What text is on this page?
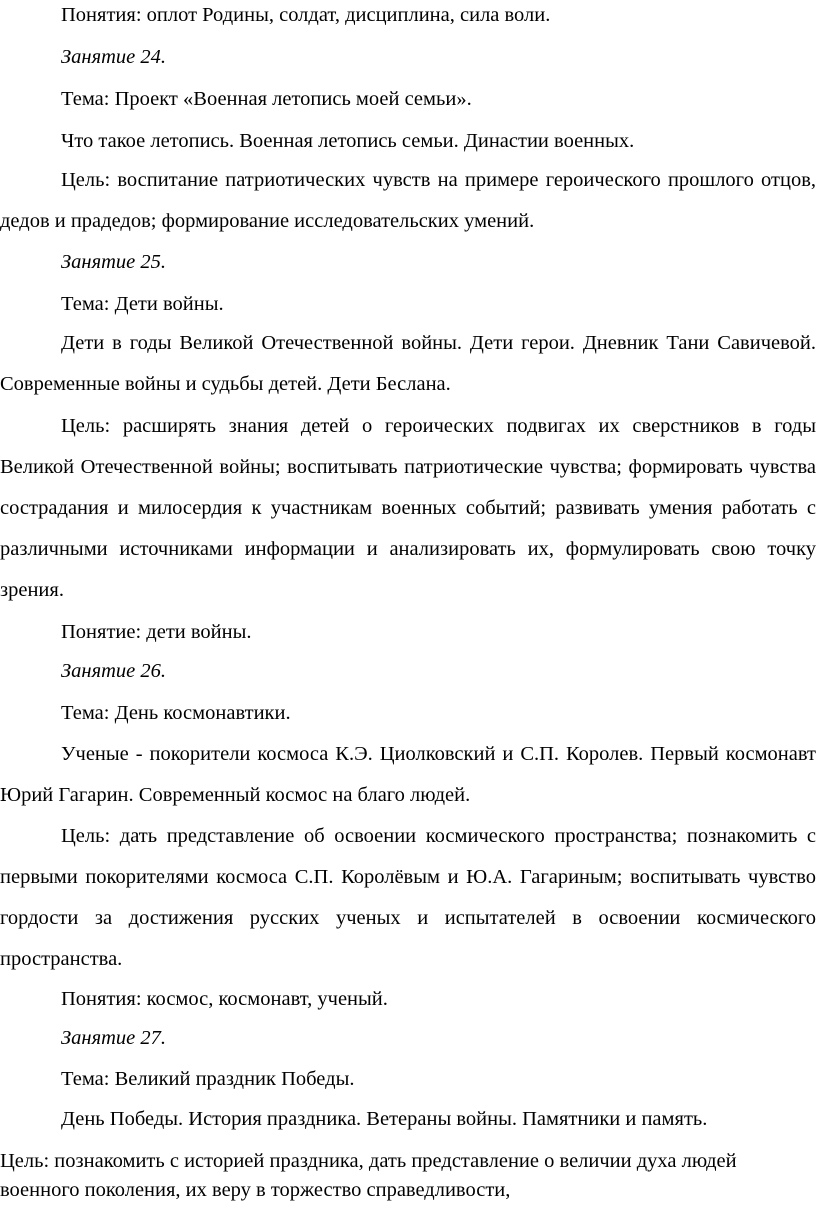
Понятия: оплот Родины, солдат, дисциплина, сила воли.

Занятие 24.

Тема: Проект «Военная летопись моей семьи».

Что такое летопись. Военная летопись семьи. Династии военных.

Цель: воспитание патриотических чувств на примере героического прошлого отцов, дедов и прадедов; формирование исследовательских умений.

Занятие 25.

Тема: Дети войны.

Дети в годы Великой Отечественной войны. Дети герои. Дневник Тани Савичевой. Современные войны и судьбы детей. Дети Беслана.

Цель: расширять знания детей о героических подвигах их сверстников в годы Великой Отечественной войны; воспитывать патриотические чувства; формировать чувства сострадания и милосердия к участникам военных событий; развивать умения работать с различными источниками информации и анализировать их, формулировать свою точку зрения.

Понятие: дети войны.

Занятие 26.

Тема: День космонавтики.

Ученые - покорители космоса К.Э. Циолковский и С.П. Королев. Первый космонавт Юрий Гагарин. Современный космос на благо людей.

Цель: дать представление об освоении космического пространства; познакомить с первыми покорителями космоса С.П. Королёвым и Ю.А. Гагариным; воспитывать чувство гордости за достижения русских ученых и испытателей в освоении космического пространства.

Понятия: космос, космонавт, ученый.

Занятие 27.

Тема: Великий праздник Победы.

День Победы. История праздника. Ветераны войны. Памятники и память.

Цель: познакомить с историей праздника, дать представление о величии духа людей военного поколения, их веру в торжество справедливости,
